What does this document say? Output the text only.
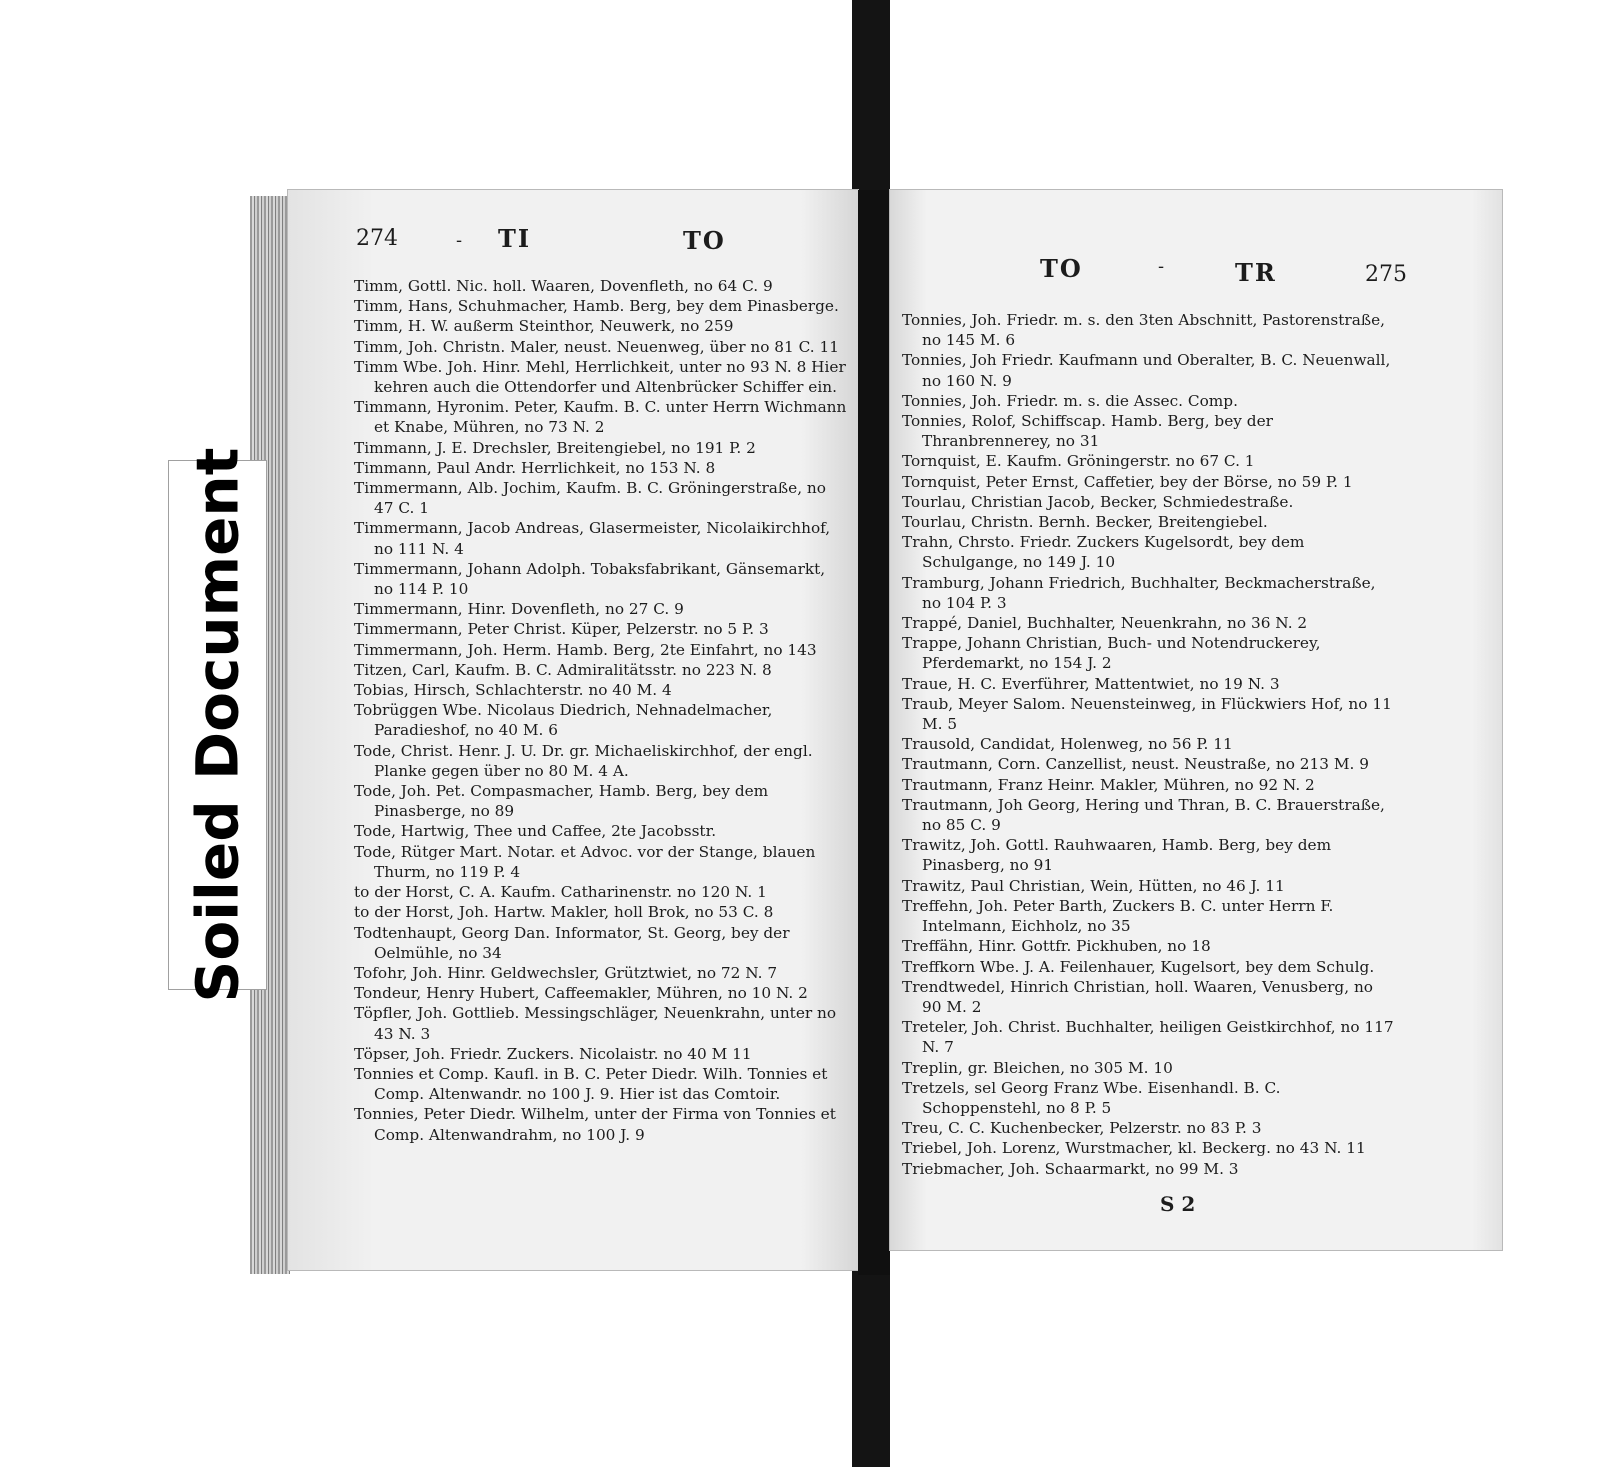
274	TI
-	TO

Timm, Gottl. Nic. holl. Waaren, Dovenfleth, no 64 C. 9

Timm, Hans, Schuhmacher, Hamb. Berg, bey dem Pinasberge.

Timm, H. W. außerm Steinthor, Neuwerk, no 259

Timm, Joh. Christn. Maler, neust. Neuenweg, über no 81 C. 11

Timm Wbe. Joh. Hinr. Mehl, Herrlichkeit, unter no 93 N. 8 Hier kehren auch die Ottendorfer und Altenbrücker Schiffer ein.

Timmann, Hyronim. Peter, Kaufm. B. C. unter Herrn Wichmann et Knabe, Mühren, no 73 N. 2

Timmann, J. E. Drechsler, Breitengiebel, no 191 P. 2

Timmann, Paul Andr. Herrlichkeit, no 153 N. 8

Timmermann, Alb. Jochim, Kaufm. B. C. Gröningerstraße, no 47 C. 1

Timmermann, Jacob Andreas, Glasermeister, Nicolaikirchhof, no 111 N. 4

Timmermann, Johann Adolph. Tobaksfabrikant, Gänsemarkt, no 114 P. 10

Timmermann, Hinr. Dovenfleth, no 27 C. 9

Timmermann, Peter Christ. Küper, Pelzerstr. no 5 P. 3

Timmermann, Joh. Herm. Hamb. Berg, 2te Einfahrt, no 143

Titzen, Carl, Kaufm. B. C. Admiralitätsstr. no 223 N. 8

Tobias, Hirsch, Schlachterstr. no 40 M. 4

Tobrüggen Wbe. Nicolaus Diedrich, Nehnadelmacher, Paradieshof, no 40 M. 6

Tode, Christ. Henr. J. U. Dr. gr. Michaeliskirchhof, der engl. Planke gegen über no 80 M. 4 A.

Tode, Joh. Pet. Compasmacher, Hamb. Berg, bey dem Pinasberge, no 89

Tode, Hartwig, Thee und Caffee, 2te Jacobsstr.

Tode, Rütger Mart. Notar. et Advoc. vor der Stange, blauen Thurm, no 119 P. 4

to der Horst, C. A. Kaufm. Catharinenstr. no 120 N. 1

to der Horst, Joh. Hartw. Makler, holl Brok, no 53 C. 8

Todtenhaupt, Georg Dan. Informator, St. Georg, bey der Oelmühle, no 34

Tofohr, Joh. Hinr. Geldwechsler, Grütztwiet, no 72 N. 7

Tondeur, Henry Hubert, Caffeemakler, Mühren, no 10 N. 2

Töpfler, Joh. Gottlieb. Messingschläger, Neuenkrahn, unter no 43 N. 3

Töpser, Joh. Friedr. Zuckers. Nicolaistr. no 40 M 11

Tonnies et Comp. Kaufl. in B. C. Peter Diedr. Wilh. Tonnies et Comp. Altenwandr. no 100 J. 9. Hier ist das Comtoir.

Tonnies, Peter Diedr. Wilhelm, unter der Firma von Tonnies et Comp. Altenwandrahm, no 100 J. 9

TO	-	TR	275

Tonnies, Joh. Friedr. m. s. den 3ten Abschnitt, Pastorenstraße, no 145 M. 6

Tonnies, Joh Friedr. Kaufmann und Oberalter, B. C. Neuenwall, no 160 N. 9

Tonnies, Joh. Friedr. m. s. die Assec. Comp.

Tonnies, Rolof, Schiffscap. Hamb. Berg, bey der Thranbrennerey, no 31

Tornquist, E. Kaufm. Gröningerstr. no 67 C. 1

Tornquist, Peter Ernst, Caffetier, bey der Börse, no 59 P. 1

Tourlau, Christian Jacob, Becker, Schmiedestraße.

Tourlau, Christn. Bernh. Becker, Breitengiebel.

Trahn, Chrsto. Friedr. Zuckers Kugelsordt, bey dem Schulgange, no 149 J. 10

Tramburg, Johann Friedrich, Buchhalter, Beckmacherstraße, no 104 P. 3

Trappé, Daniel, Buchhalter, Neuenkrahn, no 36 N. 2

Trappe, Johann Christian, Buch- und Notendruckerey, Pferdemarkt, no 154 J. 2

Traue, H. C. Everführer, Mattentwiet, no 19 N. 3

Traub, Meyer Salom. Neuensteinweg, in Flückwiers Hof, no 11 M. 5

Trausold, Candidat, Holenweg, no 56 P. 11

Trautmann, Corn. Canzellist, neust. Neustraße, no 213 M. 9

Trautmann, Franz Heinr. Makler, Mühren, no 92 N. 2

Trautmann, Joh Georg, Hering und Thran, B. C. Brauerstraße, no 85 C. 9

Trawitz, Joh. Gottl. Rauhwaaren, Hamb. Berg, bey dem Pinasberg, no 91

Trawitz, Paul Christian, Wein, Hütten, no 46 J. 11

Treffehn, Joh. Peter Barth, Zuckers B. C. unter Herrn F. Intelmann, Eichholz, no 35

Treffähn, Hinr. Gottfr. Pickhuben, no 18

Treffkorn Wbe. J. A. Feilenhauer, Kugelsort, bey dem Schulg.

Trendtwedel, Hinrich Christian, holl. Waaren, Venusberg, no 90 M. 2

Treteler, Joh. Christ. Buchhalter, heiligen Geistkirchhof, no 117 N. 7

Treplin, gr. Bleichen, no 305 M. 10

Tretzels, sel Georg Franz Wbe. Eisenhandl. B. C. Schoppenstehl, no 8 P. 5

Treu, C. C. Kuchenbecker, Pelzerstr. no 83 P. 3

Triebel, Joh. Lorenz, Wurstmacher, kl. Beckerg. no 43 N. 11

Triebmacher, Joh. Schaarmarkt, no 99 M. 3

S 2
Soiled Document
